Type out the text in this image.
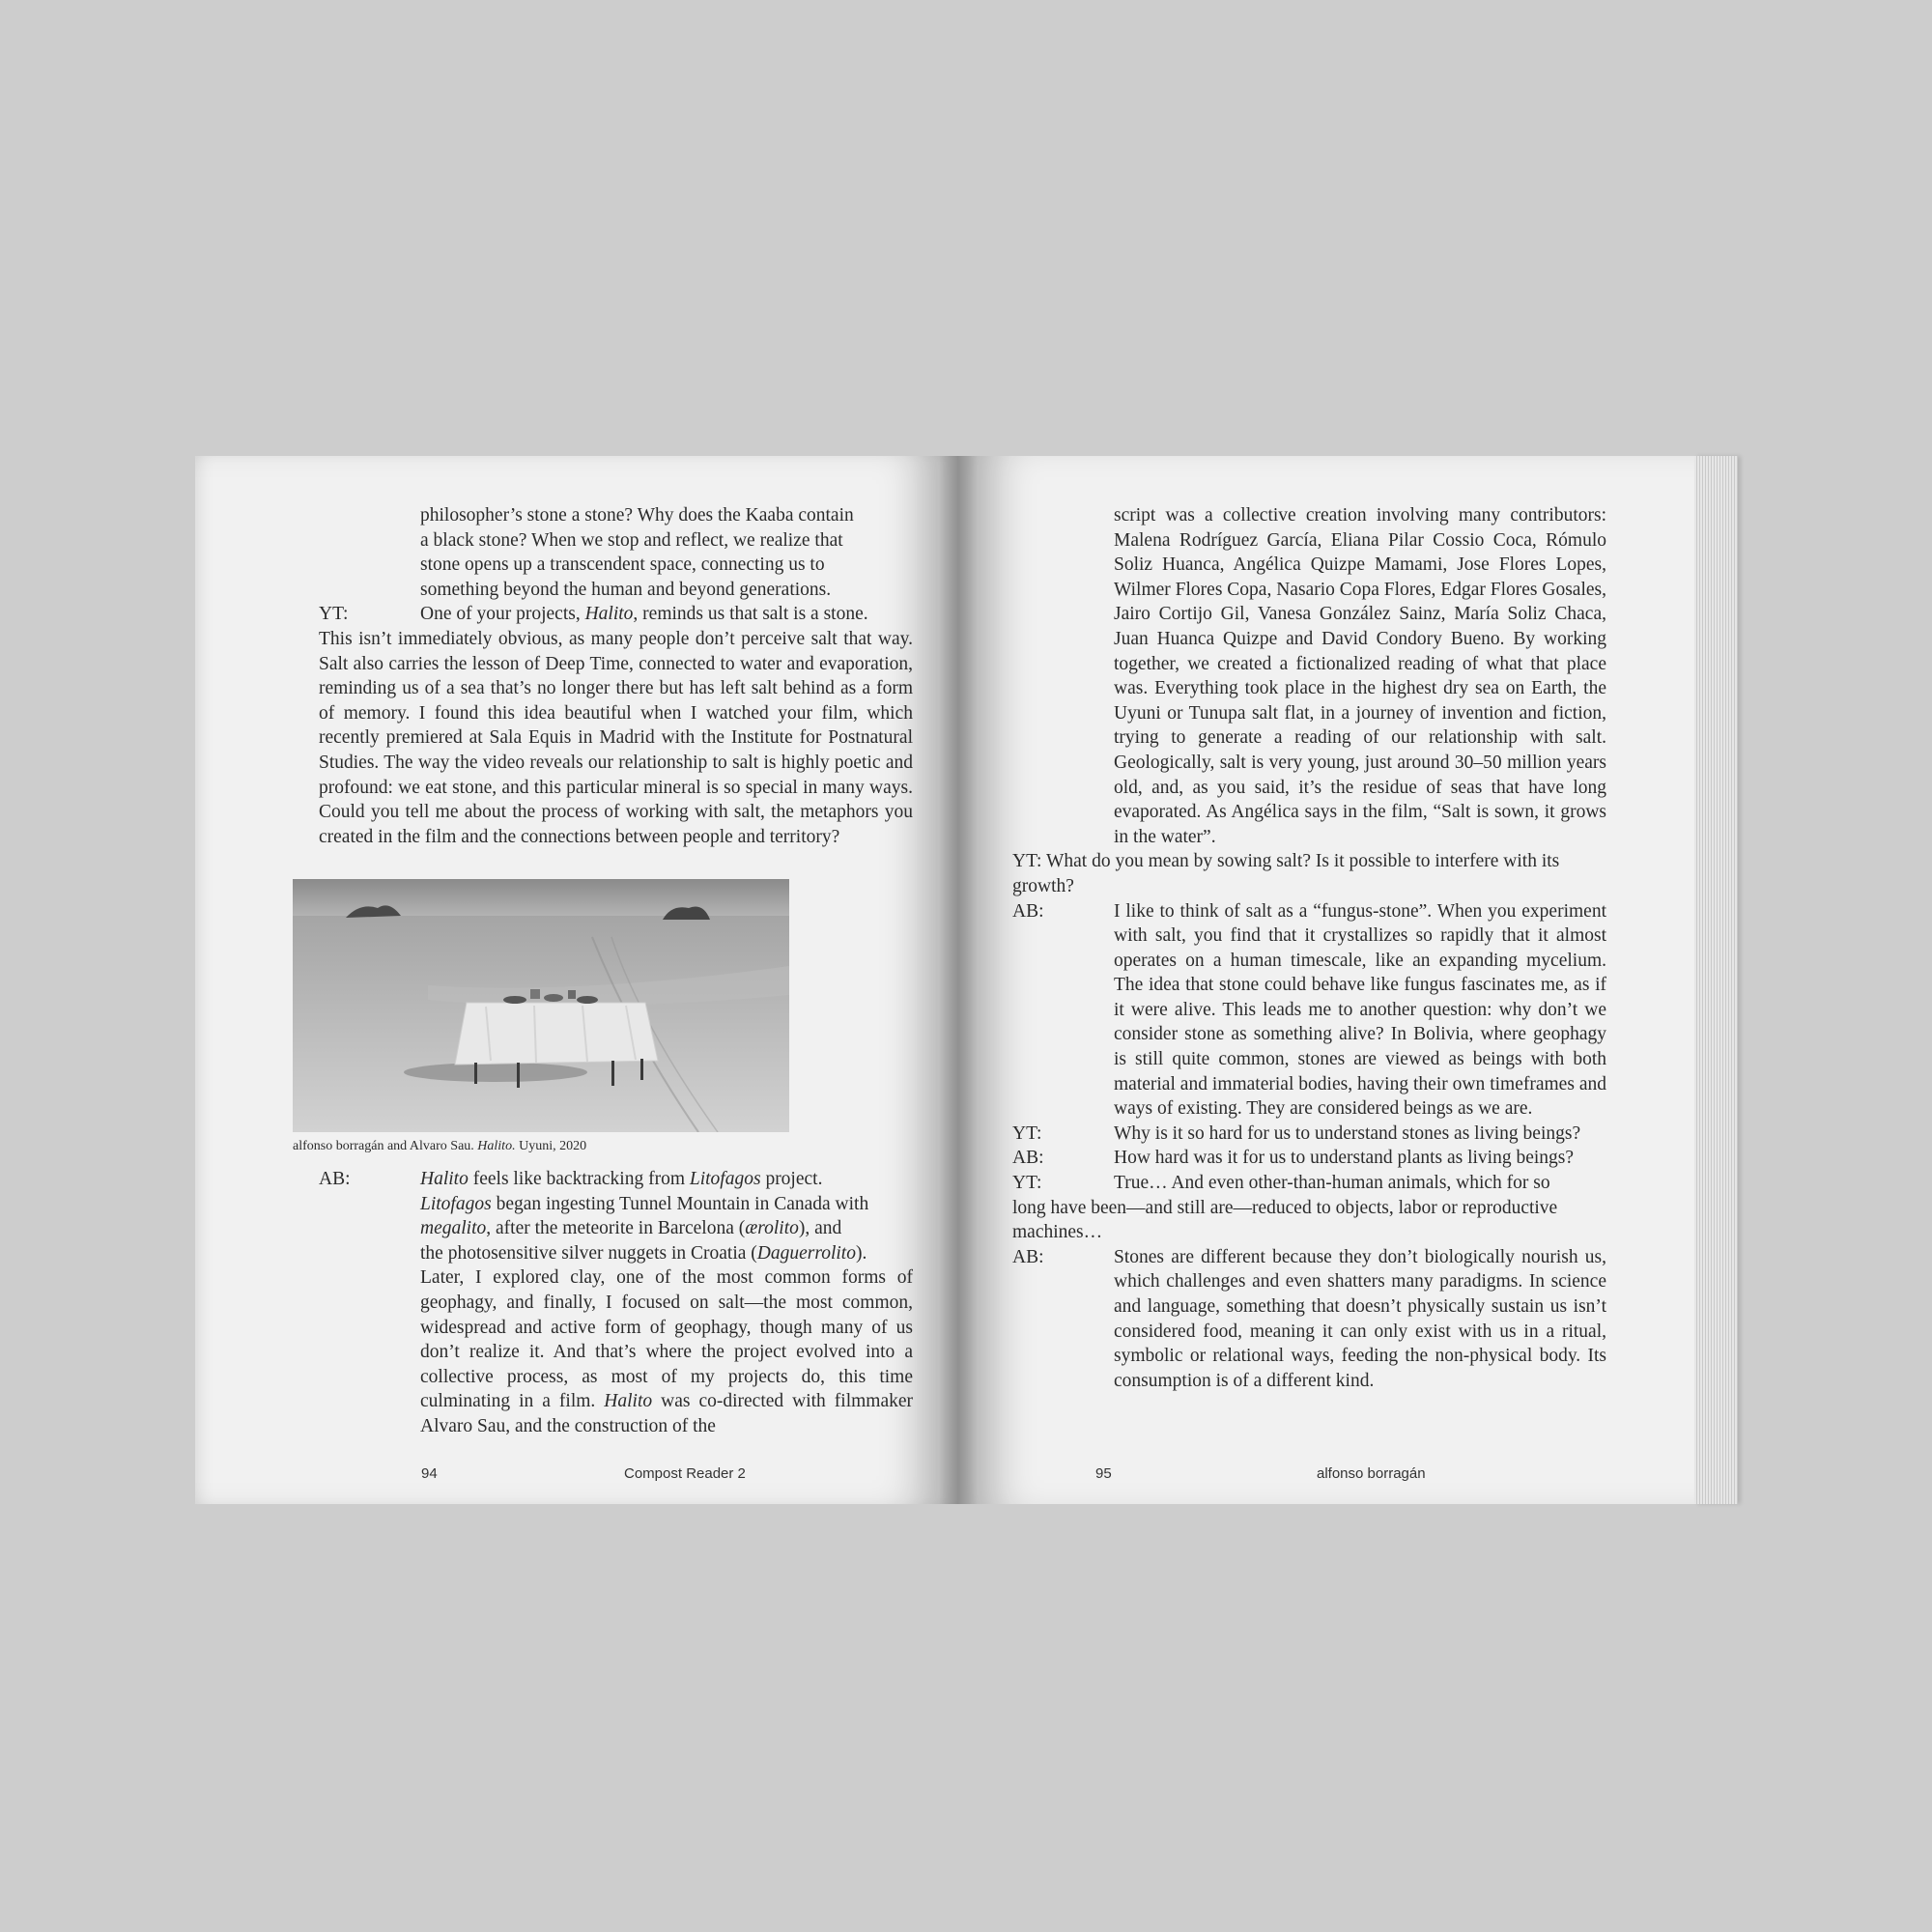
philosopher’s stone a stone? Why does the Kaaba contain

a black stone? When we stop and reflect, we realize that

stone opens up a transcendent space, connecting us to

something beyond the human and beyond generations.

YT:	One of your projects, Halito, reminds us that salt is a stone.

This isn’t immediately obvious, as many people don’t perceive salt that way. Salt also carries the lesson of Deep Time, connected to water and evaporation, reminding us of a sea that’s no longer there but has left salt behind as a form of memory. I found this idea beautiful when I watched your film, which recently premiered at Sala Equis in Madrid with the Institute for Postnatural Studies. The way the video reveals our relationship to salt is highly poetic and profound: we eat stone, and this particular mineral is so special in many ways. Could you tell me about the process of working with salt, the metaphors you created in the film and the connections between people and territory?

alfonso borragán and Alvaro Sau. Halito. Uyuni, 2020

AB:	Halito feels like backtracking from Litofagos project.

Litofagos began ingesting Tunnel Mountain in Canada with

megalito, after the meteorite in Barcelona (ærolito), and

the photosensitive silver nuggets in Croatia (Daguerrolito).

Later, I explored clay, one of the most common forms of geophagy, and finally, I focused on salt—the most common, widespread and active form of geophagy, though many of us don’t realize it. And that’s where the project evolved into a collective process, as most of my projects do, this time culminating in a film. Halito was co-directed with filmmaker Alvaro Sau, and the construction of the

94	Compost Reader 2

script was a collective creation involving many contributors: Malena Rodríguez García, Eliana Pilar Cossio Coca, Rómulo Soliz Huanca, Angélica Quizpe Mamami, Jose Flores Lopes, Wilmer Flores Copa, Nasario Copa Flores, Edgar Flores Gosales, Jairo Cortijo Gil, Vanesa González Sainz, María Soliz Chaca, Juan Huanca Quizpe and David Condory Bueno. By working together, we created a fictionalized reading of what that place was. Everything took place in the highest dry sea on Earth, the Uyuni or Tunupa salt flat, in a journey of invention and fiction, trying to generate a reading of our relationship with salt. Geologically, salt is very young, just around 30–50 million years old, and, as you said, it’s the residue of seas that have long evaporated. As Angélica says in the film, “Salt is sown, it grows in the water”.

YT: What do you mean by sowing salt? Is it possible to interfere with its growth?

AB:	I like to think of salt as a “fungus-stone”. When you experiment with salt, you find that it crystallizes so rapidly that it almost operates on a human timescale, like an expanding mycelium. The idea that stone could behave like fungus fascinates me, as if it were alive. This leads me to another question: why don’t we consider stone as something alive? In Bolivia, where geophagy is still quite common, stones are viewed as beings with both material and immaterial bodies, having their own timeframes and ways of existing. They are considered beings as we are.
YT:	Why is it so hard for us to understand stones as living beings?
AB:	How hard was it for us to understand plants as living beings?

YT:	True… And even other-than-human animals, which for so

long have been—and still are—reduced to objects, labor or reproductive machines…

AB:	Stones are different because they don’t biologically nourish us, which challenges and even shatters many paradigms. In science and language, something that doesn’t physically sustain us isn’t considered food, meaning it can only exist with us in a ritual, symbolic or relational ways, feeding the non-physical body. Its consumption is of a different kind.
95	alfonso borragán
